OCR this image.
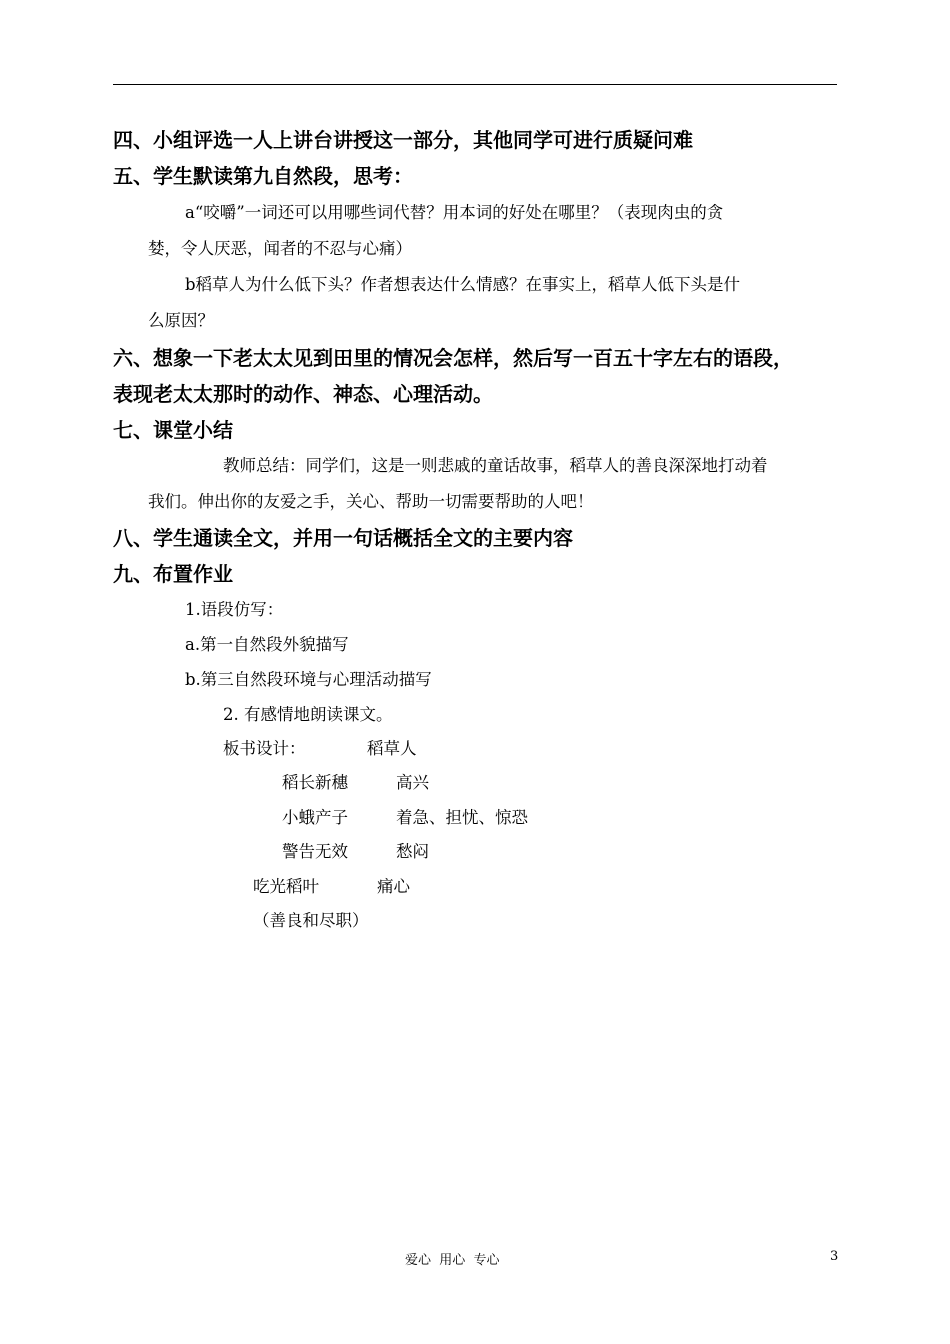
四、小组评选一人上讲台讲授这一部分，其他同学可进行质疑问难
五、学生默读第九自然段，思考：
a“咬嚼”一词还可以用哪些词代替？用本词的好处在哪里？（表现肉虫的贪
婪，令人厌恶，闻者的不忍与心痛）
b稻草人为什么低下头？作者想表达什么情感？在事实上，稻草人低下头是什
么原因？
六、想象一下老太太见到田里的情况会怎样，然后写一百五十字左右的语段，
表现老太太那时的动作、神态、心理活动。
七、课堂小结
教师总结：同学们，这是一则悲戚的童话故事，稻草人的善良深深地打动着
我们。伸出你的友爱之手，关心、帮助一切需要帮助的人吧！
八、学生通读全文，并用一句话概括全文的主要内容
九、布置作业
1.语段仿写：
a.第一自然段外貌描写
b.第三自然段环境与心理活动描写
2. 有感情地朗读课文。
板书设计：	稻草人
稻长新穗	高兴
小蛾产子	着急、担忧、惊恐
警告无效	愁闷
吃光稻叶	痛心
（善良和尽职）
爱心  用心  专心	3
